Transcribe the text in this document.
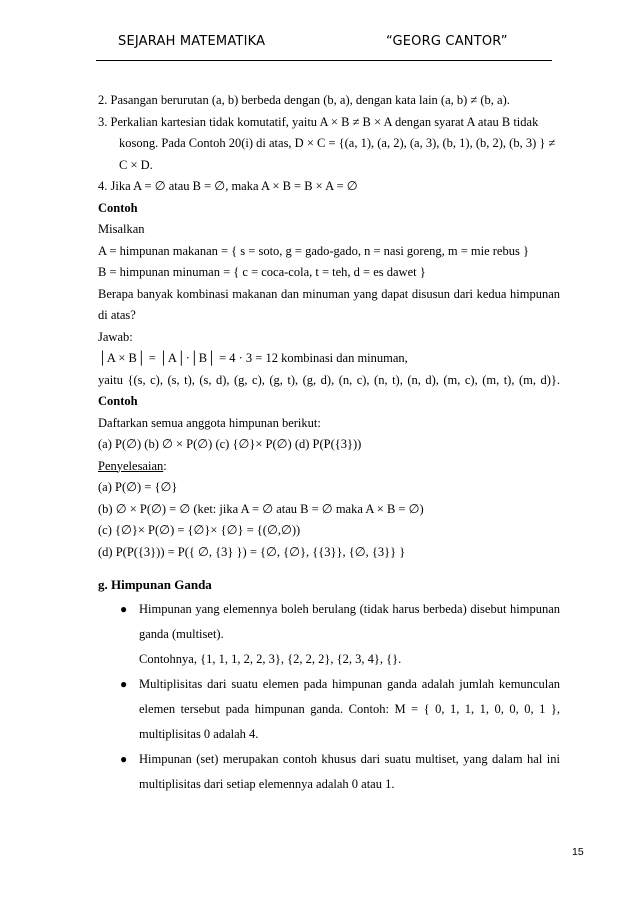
SEJARAH MATEMATIKA	“GEORG CANTOR”
2. Pasangan berurutan (a, b) berbeda dengan (b, a), dengan kata lain (a, b) ≠ (b, a).
3. Perkalian kartesian tidak komutatif, yaitu A × B ≠ B × A dengan syarat A atau B tidak
kosong. Pada Contoh 20(i) di atas, D × C = {(a, 1), (a, 2), (a, 3), (b, 1), (b, 2), (b, 3) } ≠
C × D.
4. Jika A = ∅ atau B = ∅, maka A × B = B × A = ∅
Contoh
Misalkan
A = himpunan makanan = { s = soto, g = gado-gado, n = nasi goreng, m = mie rebus }
B = himpunan minuman = { c = coca-cola, t = teh, d = es dawet }
Berapa banyak kombinasi makanan dan minuman yang dapat disusun dari kedua himpunan
di atas?
Jawab:
│A × B│ = │A│·│B│ = 4 · 3 = 12 kombinasi dan minuman,
yaitu {(s, c), (s, t), (s, d), (g, c), (g, t), (g, d), (n, c), (n, t), (n, d), (m, c), (m, t), (m, d)}.
Contoh
Daftarkan semua anggota himpunan berikut:
(a) P(∅) (b) ∅ × P(∅) (c) {∅}× P(∅) (d) P(P({3}))
Penyelesaian:
(a) P(∅) = {∅}
(b) ∅ × P(∅) = ∅ (ket: jika A = ∅ atau B = ∅ maka A × B = ∅)
(c) {∅}× P(∅) = {∅}× {∅} = {(∅,∅))
(d) P(P({3})) = P({ ∅, {3} }) = {∅, {∅}, {{3}}, {∅, {3}} }
g. Himpunan Ganda
● Himpunan yang elemennya boleh berulang (tidak harus berbeda) disebut himpunan
ganda (multiset).
Contohnya, {1, 1, 1, 2, 2, 3}, {2, 2, 2}, {2, 3, 4}, {}.
● Multiplisitas dari suatu elemen pada himpunan ganda adalah jumlah kemunculan
elemen tersebut pada himpunan ganda. Contoh: M = { 0, 1, 1, 1, 0, 0, 0, 1 },
multiplisitas 0 adalah 4.
● Himpunan (set) merupakan contoh khusus dari suatu multiset, yang dalam hal ini
multiplisitas dari setiap elemennya adalah 0 atau 1.
15
